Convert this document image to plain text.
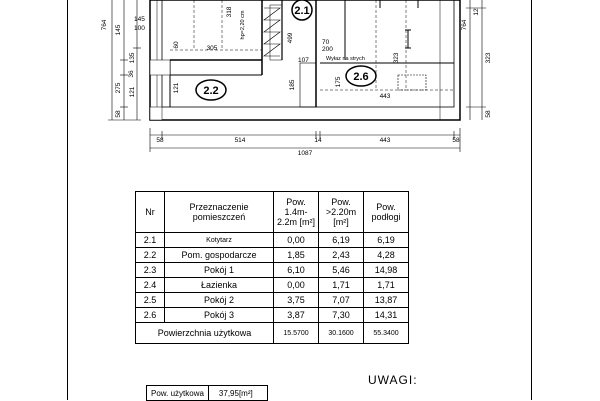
2.1
2.2
2.6
764 145
145
100
135
36
275 121
58
12
764
323
58
58	514	14	443	58
1087
318
305
hp=2,20 cm
60
499	70
200
107
185	175
323
443
121
Wyłaz na strych
Nr	Przeznaczenie pomieszczeń	Pow. 1.4m-2.2m [m²]	Pow. >2.20m [m²]	Pow. podłogi
2.1	Kotytarz	0,00	6,19	6,19
2.2	Pom. gospodarcze	1,85	2,43	4,28
2.3	Pokój 1	6,10	5,46	14,98
2.4	Łazienka	0,00	1,71	1,71
2.5	Pokój 2	3,75	7,07	13,87
2.6	Pokój 3	3,87	7,30	14,31
Powierzchnia użytkowa		15.5700	30.1600	55.3400
Pow. użytkowa	37,95[m²]
UWAGI:
